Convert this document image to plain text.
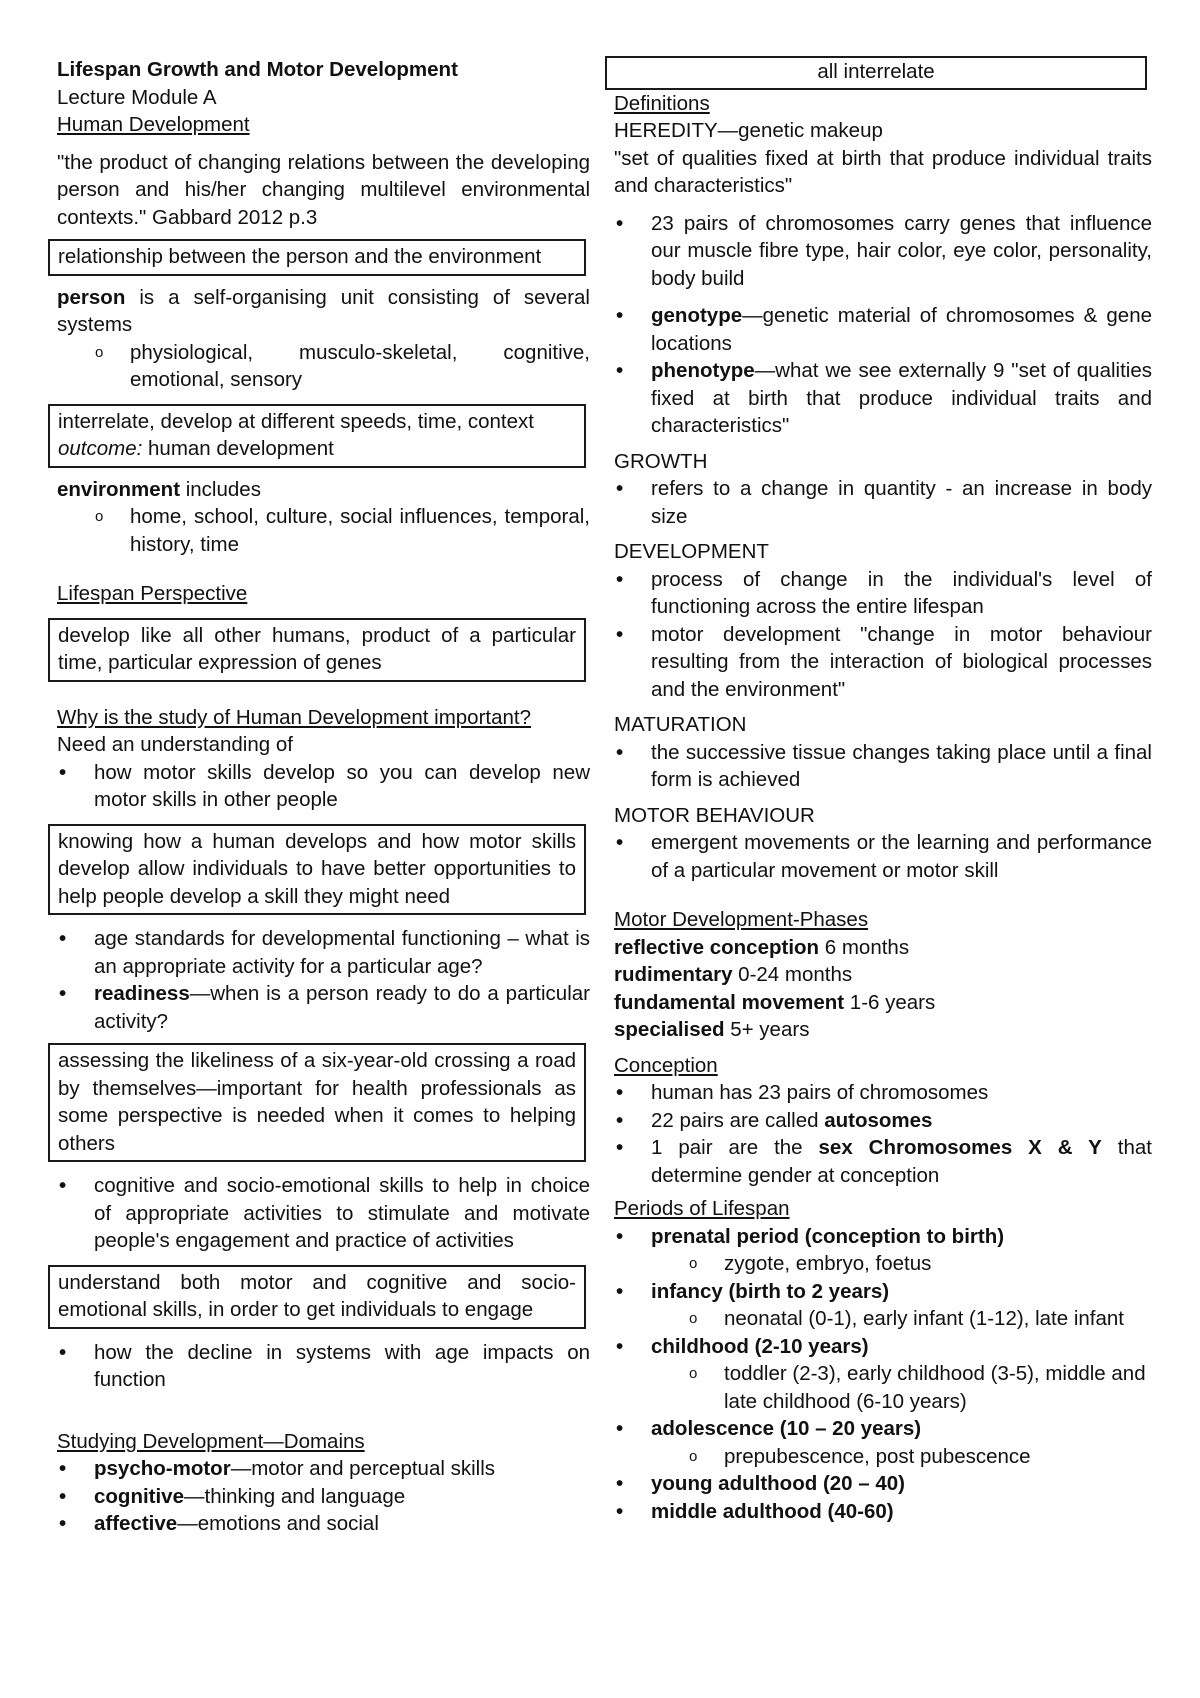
Lifespan Growth and Motor Development

Lecture Module A

Human Development

"the product of changing relations between the developing person and his/her changing multilevel environmental contexts." Gabbard 2012 p.3

relationship between the person and the environment

person is a self-organising unit consisting of several systems

o physiological, musculo-skeletal, cognitive, emotional, sensory

interrelate, develop at different speeds, time, context

outcome: human development

environment includes

o home, school, culture, social influences, temporal, history, time

Lifespan Perspective

develop like all other humans, product of a particular time, particular expression of genes

Why is the study of Human Development important?

Need an understanding of

• how motor skills develop so you can develop new motor skills in other people

knowing how a human develops and how motor skills develop allow individuals to have better opportunities to help people develop a skill they might need

• age standards for developmental functioning – what is an appropriate activity for a particular age?
• readiness—when is a person ready to do a particular activity?

assessing the likeliness of a six-year-old crossing a road by themselves—important for health professionals as some perspective is needed when it comes to helping others

• cognitive and socio-emotional skills to help in choice of appropriate activities to stimulate and motivate people's engagement and practice of activities

understand both motor and cognitive and socio-emotional skills, in order to get individuals to engage

• how the decline in systems with age impacts on function

Studying Development—Domains

• psycho-motor—motor and perceptual skills
• cognitive—thinking and language
• affective—emotions and social

all interrelate

Definitions

HEREDITY—genetic makeup

"set of qualities fixed at birth that produce individual traits and characteristics"

• 23 pairs of chromosomes carry genes that influence our muscle fibre type, hair color, eye color, personality, body build
• genotype—genetic material of chromosomes & gene locations
• phenotype—what we see externally 9 "set of qualities fixed at birth that produce individual traits and characteristics"

GROWTH

• refers to a change in quantity - an increase in body size

DEVELOPMENT

• process of change in the individual's level of functioning across the entire lifespan
• motor development "change in motor behaviour resulting from the interaction of biological processes and the environment"

MATURATION

• the successive tissue changes taking place until a final form is achieved

MOTOR BEHAVIOUR

• emergent movements or the learning and performance of a particular movement or motor skill

Motor Development-Phases

reflective conception 6 months

rudimentary 0-24 months

fundamental movement 1-6 years

specialised 5+ years

Conception

• human has 23 pairs of chromosomes
• 22 pairs are called autosomes
• 1 pair are the sex Chromosomes X & Y that determine gender at conception

Periods of Lifespan

• prenatal period (conception to birth)
o zygote, embryo, foetus
• infancy (birth to 2 years)
o neonatal (0-1), early infant (1-12), late infant
• childhood (2-10 years)
o toddler (2-3), early childhood (3-5), middle and late childhood (6-10 years)
• adolescence (10 – 20 years)
o prepubescence, post pubescence
• young adulthood (20 – 40)
• middle adulthood (40-60)
